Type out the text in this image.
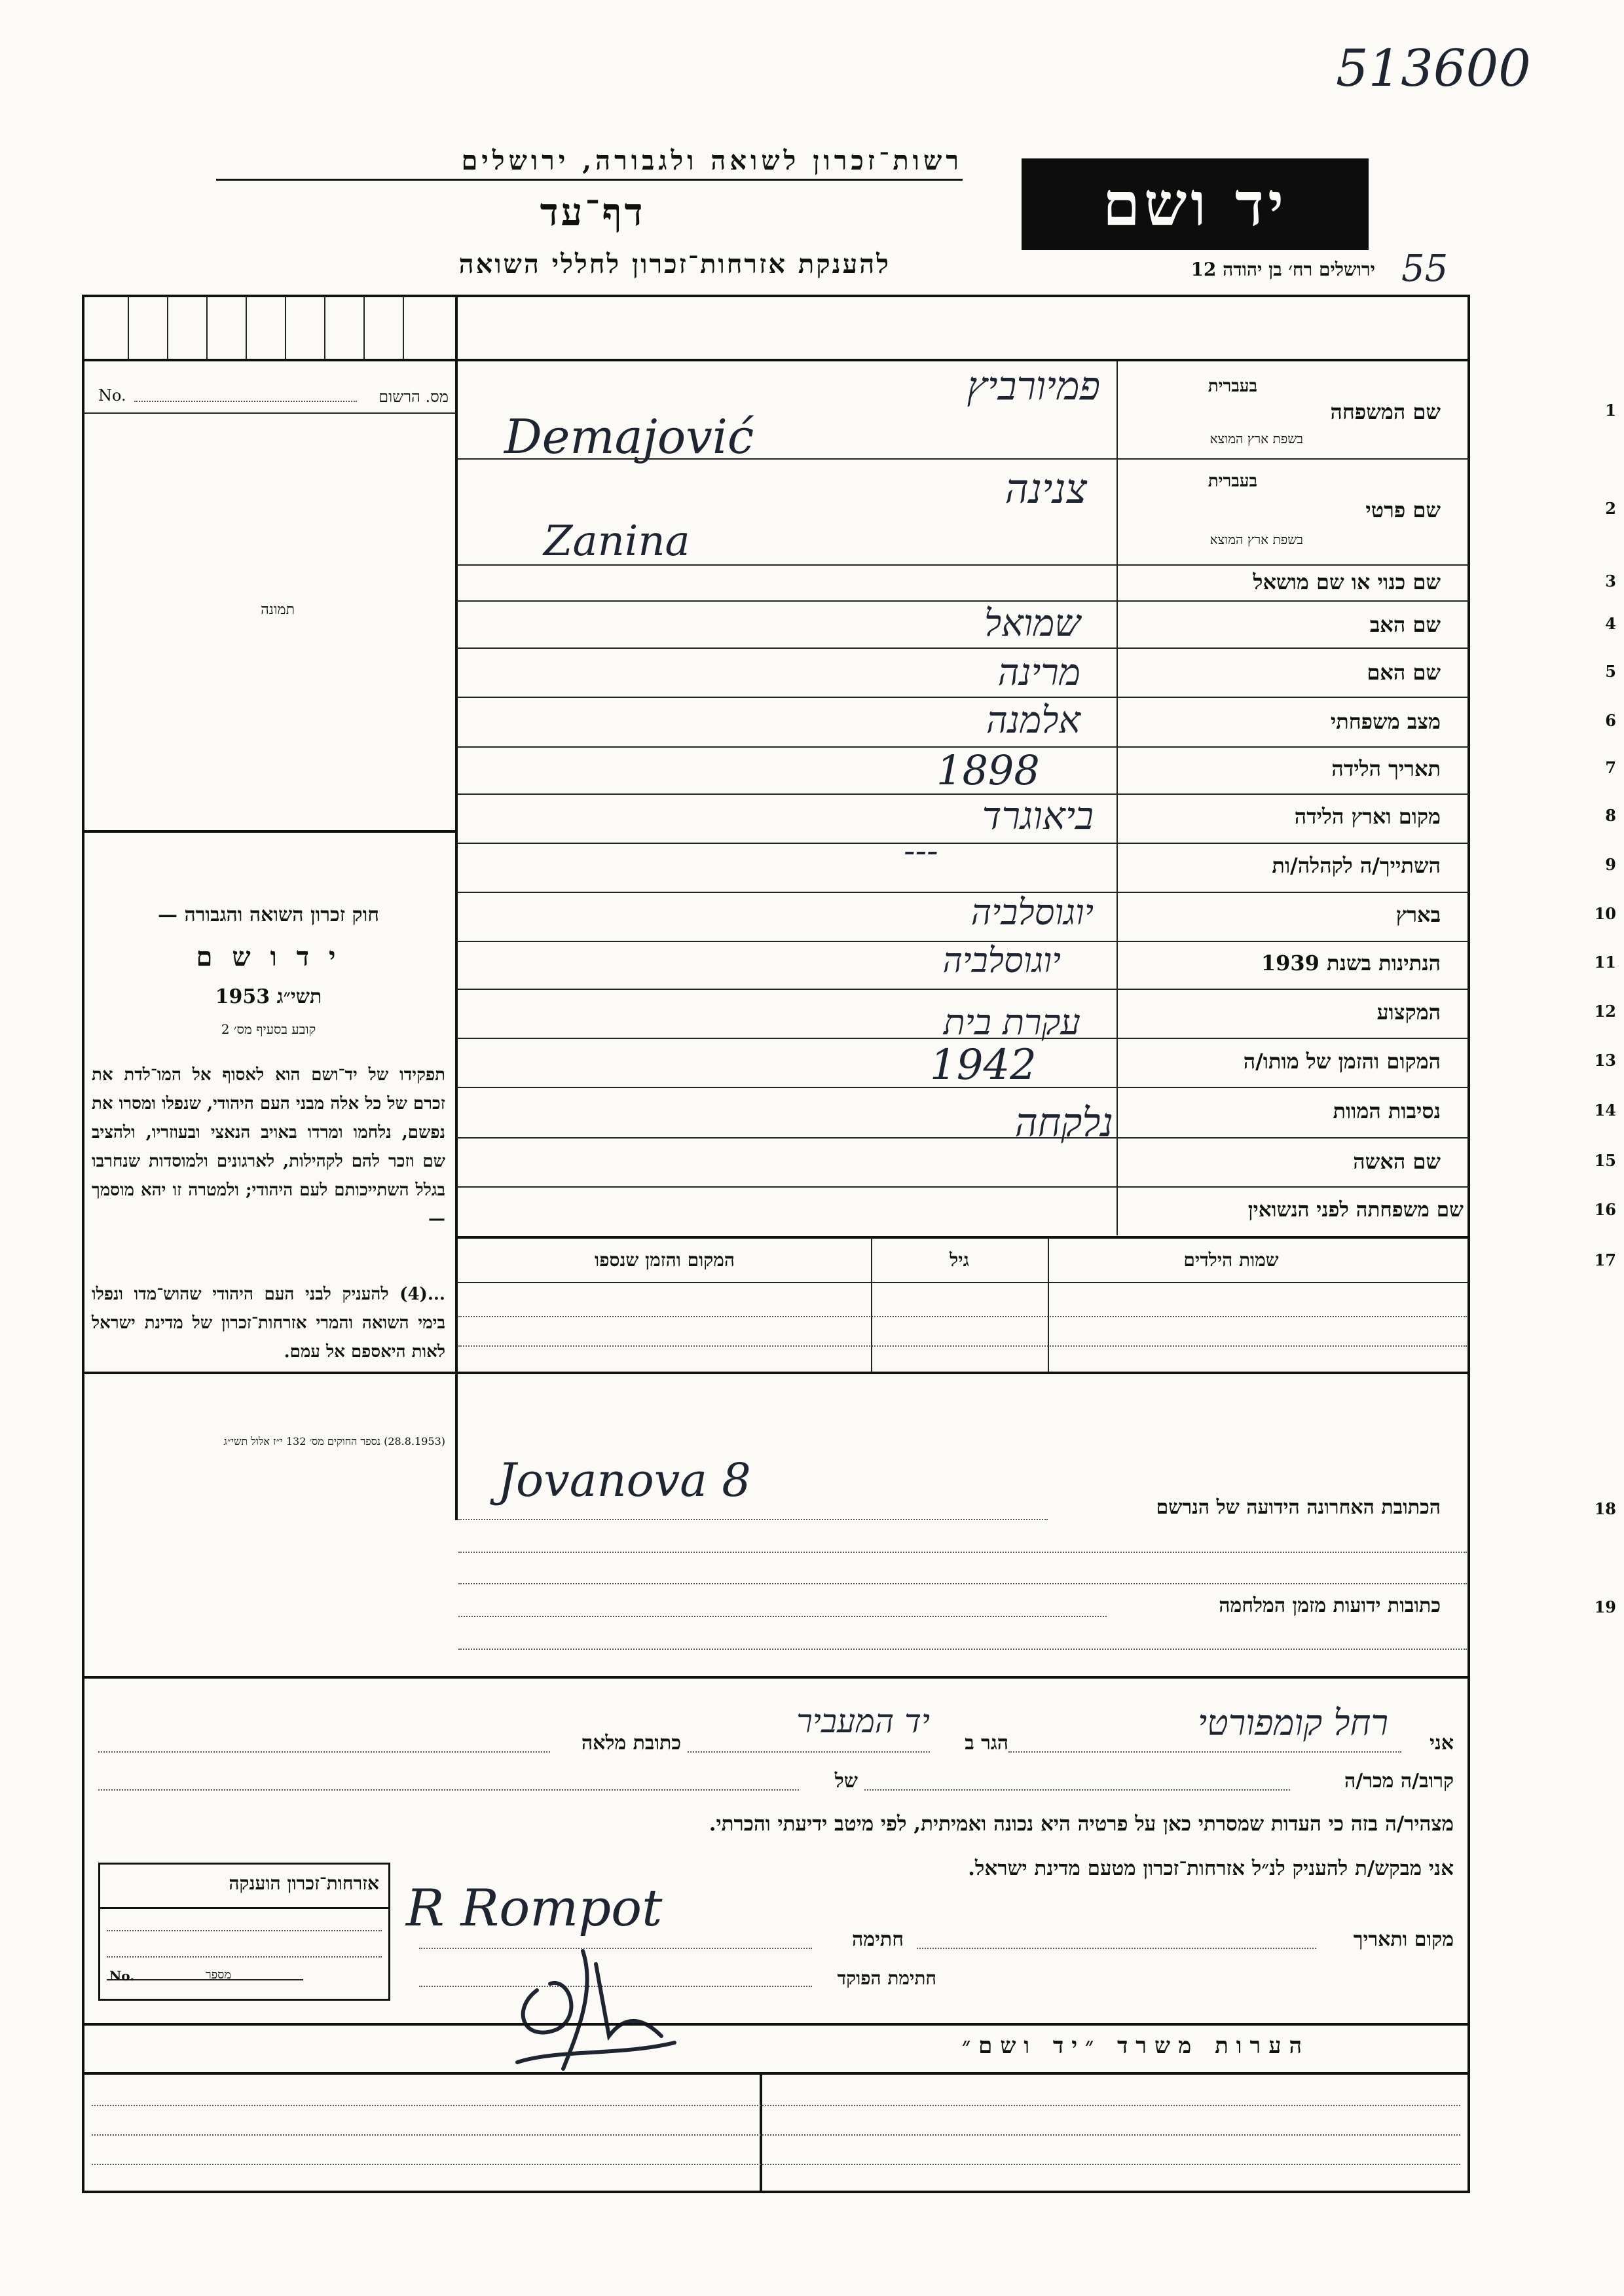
513600
רשות־זכרון לשואה ולגבורה, ירושלים
דף־עד
להענקת אזרחות־זכרון לחללי השואה
יד ושם
ירושלים רח׳ בן יהודה 12 55
No.	מס. הרשום
תמונה
חוק זכרון השואה והגבורה —
י ד ו ש ם
תשי״ג 1953
קובע בסעיף מס׳ 2
תפקידו של יד־ושם הוא לאסוף אל המו־לדת את זכרם של כל אלה מבני העם היהודי, שנפלו ומסרו את נפשם, נלחמו ומרדו באויב הנאצי ובעוזריו, ולהציב שם וזכר להם לקהילות, לארגונים ולמוסדות שנחרבו בגלל השתייכותם לעם היהודי; ולמטרה זו יהא מוסמך —
...(4) להעניק לבני העם היהודי שהוש־מדו ונפלו בימי השואה והמרי אזרחות־זכרון של מדינת ישראל לאות היאספם אל עמם.
(28.8.1953) נספר החוקים מס׳ 132 י״ז אלול תשי״ג
בעברית
שם המשפחה
בשפת ארץ המוצא
1
פמיורביץ
Demajović
בעברית
שם פרטי
בשפת ארץ המוצא
2
צנינה
Zanina
שם כנוי או שם מושאל	3
שם האב	4
שמואל
שם האם	5
מרינה
מצב משפחתי	6
אלמנה
תאריך הלידה	7
1898
מקום וארץ הלידה	8
ביאוגרד
השתייך/ה לקהלה/ות	9
---
בארץ	10
יוגוסלביה
הנתינות בשנת 1939	11
יוגוסלביה
המקצוע	12
עקרת בית
המקום והזמן של מותו/ה	13
1942
נסיבות המוות	14
נלקחה
שם האשה	15
שם משפחתה לפני הנשואין	16
שמות הילדים	17
גיל
המקום והזמן שנספו
Jovanova 8
הכתובת האחרונה הידועה של הנרשם	18
כתובות ידועות מזמן המלחמה	19
אני
רחל קומפורטי
הגר ב
יד המעביר
כתובת מלאה
קרוב/ה מכר/ה
של
מצהיר/ה בזה כי העדות שמסרתי כאן על פרטיה היא נכונה ואמיתית, לפי מיטב ידיעתי והכרתי.
אני מבקש/ת להעניק לנ״ל אזרחות־זכרון מטעם מדינת ישראל.
אזרחות־זכרון הוענקה
No.	מספר
מקום ותאריך
חתימה
R Rompot
חתימת הפוקד
הערות משרד ״יד ושם״
